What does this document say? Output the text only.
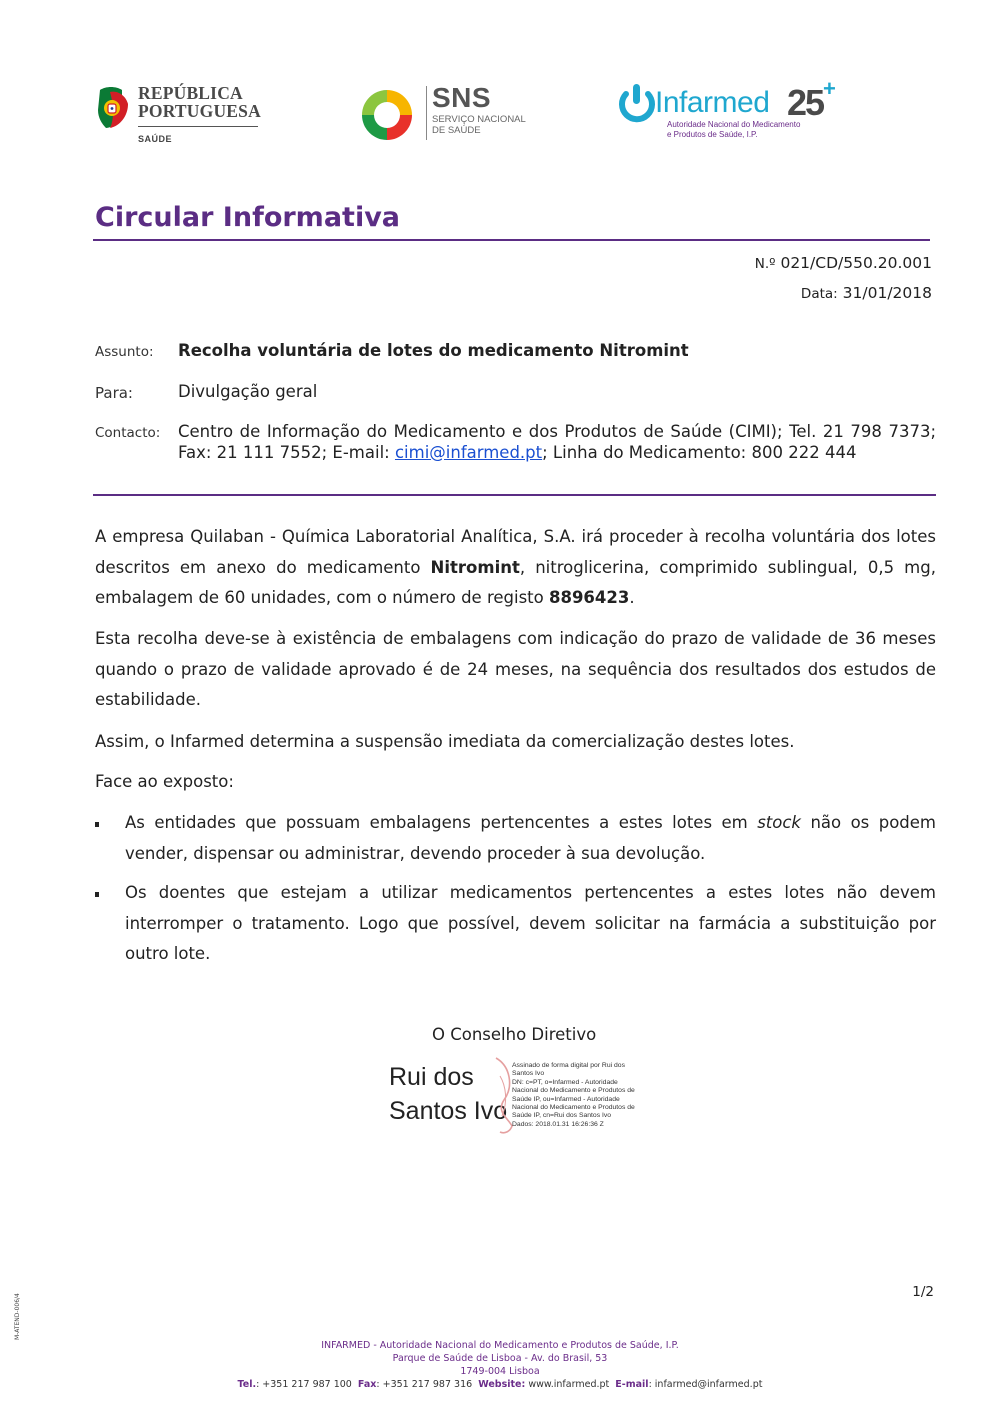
REPÚBLICA
PORTUGUESA
SAÚDE
SNS
SERVIÇO NACIONAL
DE SAÚDE
Infarmed 25 +
Autoridade Nacional do Medicamento
e Produtos de Saúde, I.P.
Circular Informativa
N.º 021/CD/550.20.001
Data: 31/01/2018
Assunto: Recolha voluntária de lotes do medicamento Nitromint
Para:	Divulgação geral
Contacto: Centro de Informação do Medicamento e dos Produtos de Saúde (CIMI); Tel. 21 798 7373; Fax: 21 111 7552; E-mail: cimi@infarmed.pt; Linha do Medicamento: 800 222 444

A empresa Quilaban - Química Laboratorial Analítica, S.A. irá proceder à recolha voluntária dos lotes descritos em anexo do medicamento Nitromint, nitroglicerina, comprimido sublingual, 0,5 mg, embalagem de 60 unidades, com o número de registo 8896423.

Esta recolha deve-se à existência de embalagens com indicação do prazo de validade de 36 meses quando o prazo de validade aprovado é de 24 meses, na sequência dos resultados dos estudos de estabilidade.

Assim, o Infarmed determina a suspensão imediata da comercialização destes lotes.

Face ao exposto:

As entidades que possuam embalagens pertencentes a estes lotes em stock não os podem vender, dispensar ou administrar, devendo proceder à sua devolução.
Os doentes que estejam a utilizar medicamentos pertencentes a estes lotes não devem interromper o tratamento. Logo que possível, devem solicitar na farmácia a substituição por outro lote.
O Conselho Diretivo
Rui dos
Santos Ivo
Assinado de forma digital por Rui dos
Santos Ivo
DN: c=PT, o=Infarmed - Autoridade
Nacional do Medicamento e Produtos de
Saúde IP, ou=Infarmed - Autoridade
Nacional do Medicamento e Produtos de
Saúde IP, cn=Rui dos Santos Ivo
Dados: 2018.01.31 16:26:36 Z
1/2
M-ATEND-006/4
INFARMED - Autoridade Nacional do Medicamento e Produtos de Saúde, I.P.
Parque de Saúde de Lisboa - Av. do Brasil, 53
1749-004 Lisboa
Tel.: +351 217 987 100 Fax: +351 217 987 316 Website: www.infarmed.pt E-mail: infarmed@infarmed.pt
